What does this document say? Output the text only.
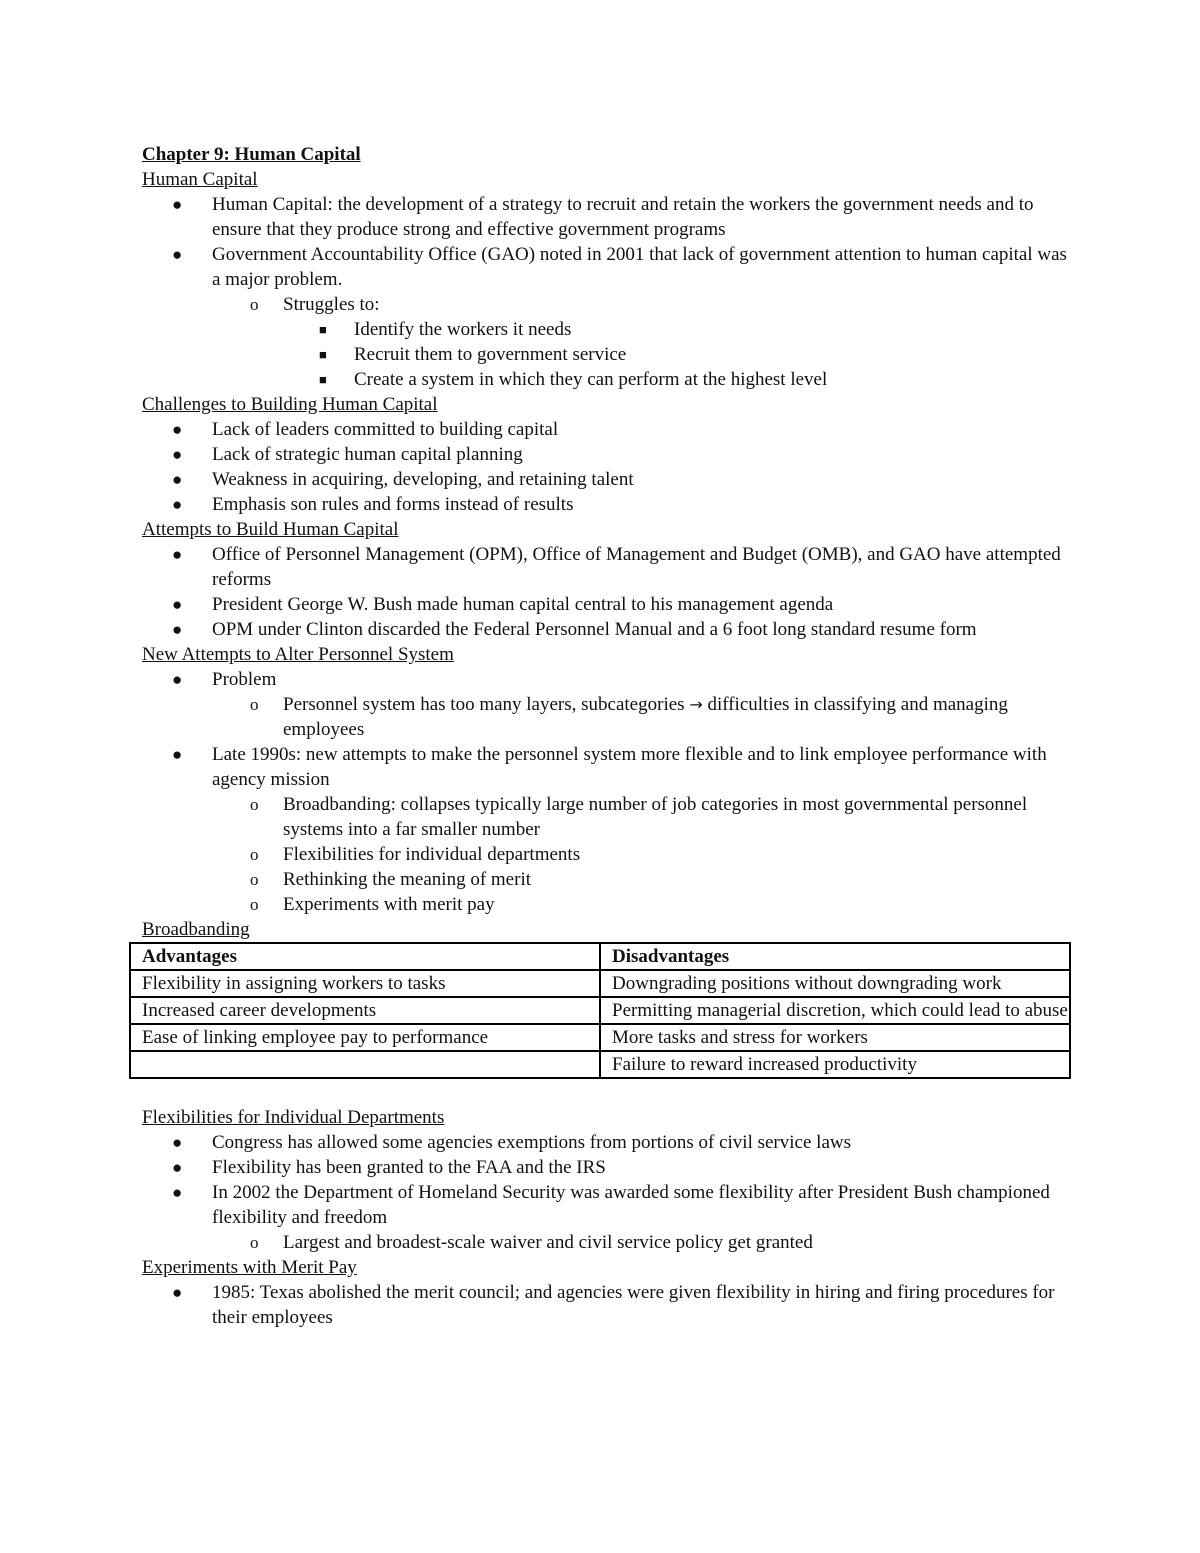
Chapter 9: Human Capital
Human Capital
● Human Capital: the development of a strategy to recruit and retain the workers the government needs and to ensure that they produce strong and effective government programs
● Government Accountability Office (GAO) noted in 2001 that lack of government attention to human capital was a major problem.
o Struggles to:
■ Identify the workers it needs
■ Recruit them to government service
■ Create a system in which they can perform at the highest level
Challenges to Building Human Capital
● Lack of leaders committed to building capital
● Lack of strategic human capital planning
● Weakness in acquiring, developing, and retaining talent
● Emphasis son rules and forms instead of results
Attempts to Build Human Capital
● Office of Personnel Management (OPM), Office of Management and Budget (OMB), and GAO have attempted reforms
● President George W. Bush made human capital central to his management agenda
● OPM under Clinton discarded the Federal Personnel Manual and a 6 foot long standard resume form
New Attempts to Alter Personnel System
● Problem
o Personnel system has too many layers, subcategories → difficulties in classifying and managing employees
● Late 1990s: new attempts to make the personnel system more flexible and to link employee performance with agency mission
o Broadbanding: collapses typically large number of job categories in most governmental personnel systems into a far smaller number
o Flexibilities for individual departments
o Rethinking the meaning of merit
o Experiments with merit pay
Broadbanding
Advantages	Disadvantages
Flexibility in assigning workers to tasks	Downgrading positions without downgrading work
Increased career developments	Permitting managerial discretion, which could lead to abuse
Ease of linking employee pay to performance	More tasks and stress for workers
	Failure to reward increased productivity
Flexibilities for Individual Departments
● Congress has allowed some agencies exemptions from portions of civil service laws
● Flexibility has been granted to the FAA and the IRS
● In 2002 the Department of Homeland Security was awarded some flexibility after President Bush championed flexibility and freedom
o Largest and broadest-scale waiver and civil service policy get granted
Experiments with Merit Pay
● 1985: Texas abolished the merit council; and agencies were given flexibility in hiring and firing procedures for their employees
